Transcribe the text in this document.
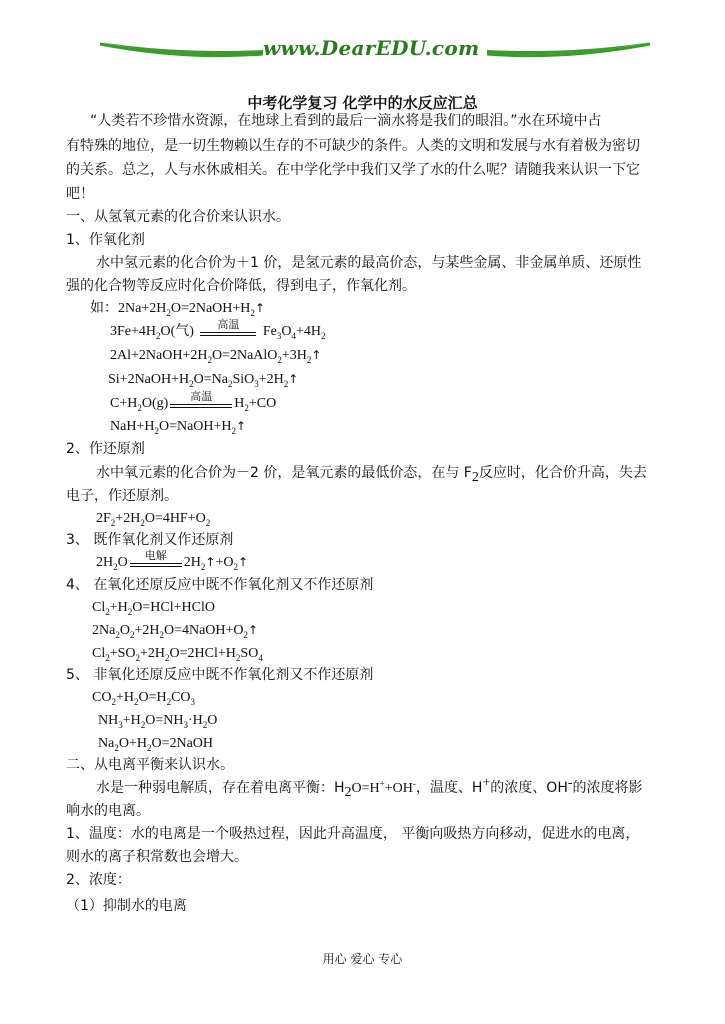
www.DearEDU.com
中考化学复习 化学中的水反应汇总
“人类若不珍惜水资源，在地球上看到的最后一滴水将是我们的眼泪。”水在环境中占
有特殊的地位，是一切生物赖以生存的不可缺少的条件。人类的文明和发展与水有着极为密切
的关系。总之，人与水休戚相关。在中学化学中我们又学了水的什么呢？请随我来认识一下它
吧！
一、从氢氧元素的化合价来认识水。
1、作氧化剂
水中氢元素的化合价为＋1 价，是氢元素的最高价态，与某些金属、非金属单质、还原性
强的化合物等反应时化合价降低，得到电子，作氧化剂。
如：$2Na+2H_2O=2NaOH+H_2↑$
$3Fe+4H_2O$(气)	高温	$Fe_3O_4+4H_2$
$2Al+2NaOH+2H_2O=2NaAlO_2+3H_2↑$
$Si+2NaOH+H_2O=Na_2SiO_3+2H_2↑$
$C+H_2O(g)$	高温	$H_2+CO$
$NaH+H_2O=NaOH+H_2↑$
2、作还原剂
水中氧元素的化合价为－2 价，是氧元素的最低价态，在与 $F_2$反应时，化合价升高，失去
电子，作还原剂。
$2F_2+2H_2O=4HF+O_2$
3、 既作氧化剂又作还原剂
$2H_2O$	电解	$2H_2↑+O_2↑$
4、 在氧化还原反应中既不作氧化剂又不作还原剂
$Cl_2+H_2O=HCl+HClO$
$2Na_2O_2+2H_2O=4NaOH+O_2↑$
$Cl_2+SO_2+2H_2O=2HCl+H_2SO_4$
5、 非氧化还原反应中既不作氧化剂又不作还原剂
$CO_2+H_2O=H_2CO_3$
$NH_3+H_2O=NH_3\cdot H_2O$
$Na_2O+H_2O=2NaOH$
二、从电离平衡来认识水。
水是一种弱电解质，存在着电离平衡：$H_2O=H^++OH^-$，温度、H+的浓度、OH-的浓度将影
响水的电离。
1、温度：水的电离是一个吸热过程，因此升高温度， 平衡向吸热方向移动，促进水的电离，
则水的离子积常数也会增大。
2、浓度：
（1）抑制水的电离
用心 爱心 专心
